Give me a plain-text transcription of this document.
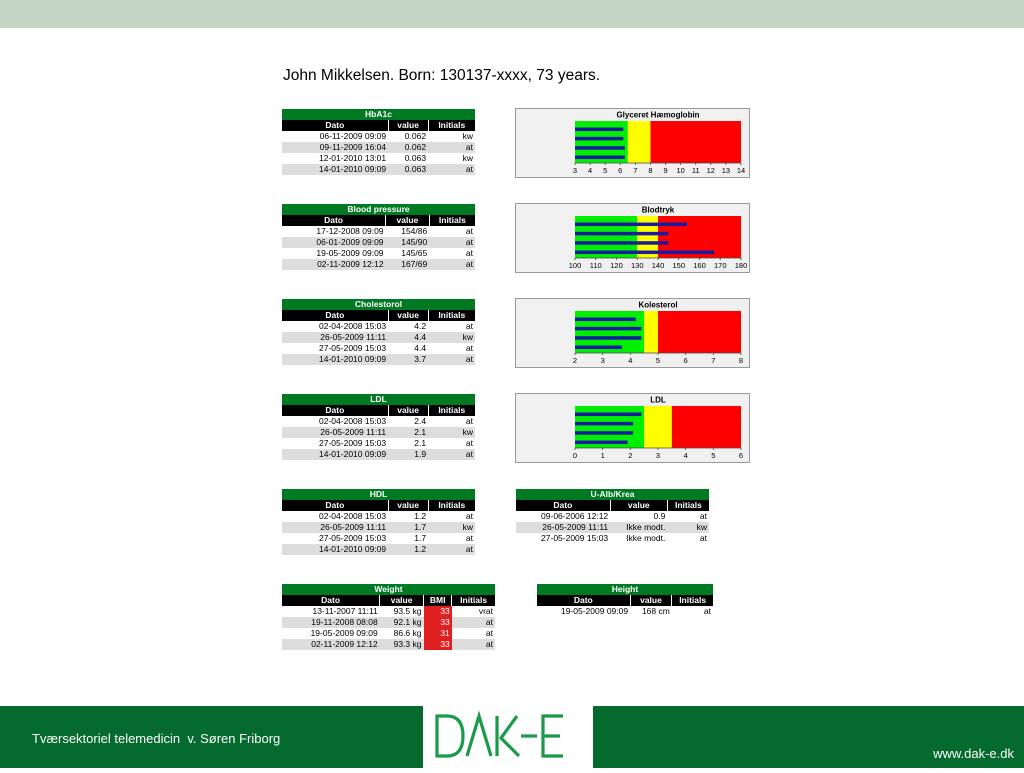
John Mikkelsen. Born: 130137-xxxx, 73 years.
HbA1c		
Dato	value	Initials
06-11-2009 09:09	0.062	kw
09-11-2009 16:04	0.062	at
12-01-2010 13:01	0.063	kw
14-01-2010 09:09	0.063	at
Blood pressure		
Dato	value	Initials
17-12-2008 09:09	154/86	at
06-01-2009 09:09	145/90	at
19-05-2009 09:09	145/65	at
02-11-2009 12:12	167/69	at
Cholestorol		
Dato	value	Initials
02-04-2008 15:03	4.2	at
26-05-2009 11:11	4.4	kw
27-05-2009 15:03	4.4	at
14-01-2010 09:09	3.7	at
LDL		
Dato	value	Initials
02-04-2008 15:03	2.4	at
26-05-2009 11:11	2.1	kw
27-05-2009 15:03	2.1	at
14-01-2010 09:09	1.9	at
HDL		
Dato	value	Initials
02-04-2008 15:03	1.2	at
26-05-2009 11:11	1.7	kw
27-05-2009 15:03	1.7	at
14-01-2010 09:09	1.2	at
U-Alb/Krea		
Dato	value	Initials
09-06-2006 12:12	0.9	at
26-05-2009 11:11	Ikke modt.	kw
27-05-2009 15:03	Ikke modt.	at
Weight			
Dato	value	BMI	Initials
13-11-2007 11:11	93.5 kg	33	vrat
19-11-2008 08:08	92.1 kg	33	at
19-05-2009 09:09	86.6 kg	31	at
02-11-2009 12:12	93.3 kg	33	at
Height		
Dato	value	Initials
19-05-2009 09:09	168 cm	at
Glyceret Hæmoglobin
3 4 5 6 7 8 9 10 11 12 13 14
Blodtryk
100 110 120 130 140 150 160 170 180
Kolesterol
2	3	4	5	6	7	8
LDL
0	1	2	3	4	5	6
Tværsektoriel telemedicin  v. Søren Friborg
www.dak-e.dk
